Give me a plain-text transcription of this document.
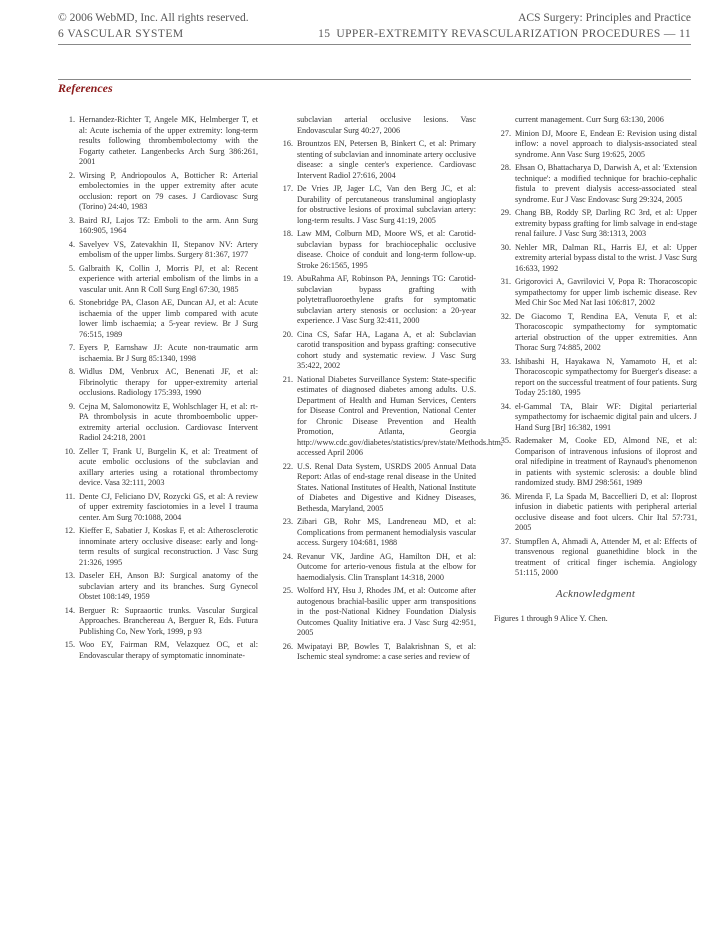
© 2006 WebMD, Inc. All rights reserved.	ACS Surgery: Principles and Practice
6 VASCULAR SYSTEM	15 UPPER-EXTREMITY REVASCULARIZATION PROCEDURES — 11
References
1. Hernandez-Richter T, Angele MK, Helmberger T, et al: Acute ischemia of the upper extremity: long-term results following thrombembolectomy with the Fogarty catheter. Langenbecks Arch Surg 386:261, 2001
2. Wirsing P, Andriopoulos A, Botticher R: Arterial embolectomies in the upper extremity after acute occlusion: report on 79 cases. J Cardiovasc Surg (Torino) 24:40, 1983
3. Baird RJ, Lajos TZ: Emboli to the arm. Ann Surg 160:905, 1964
4. Savelyev VS, Zatevakhin II, Stepanov NV: Artery embolism of the upper limbs. Surgery 81:367, 1977
5. Galbraith K, Collin J, Morris PJ, et al: Recent experience with arterial embolism of the limbs in a vascular unit. Ann R Coll Surg Engl 67:30, 1985
6. Stonebridge PA, Clason AE, Duncan AJ, et al: Acute ischaemia of the upper limb compared with acute lower limb ischaemia; a 5-year review. Br J Surg 76:515, 1989
7. Eyers P, Earnshaw JJ: Acute non-traumatic arm ischaemia. Br J Surg 85:1340, 1998
8. Widlus DM, Venbrux AC, Benenati JF, et al: Fibrinolytic therapy for upper-extremity arterial occlusions. Radiology 175:393, 1990
9. Cejna M, Salomonowitz E, Wohlschlager H, et al: rt-PA thrombolysis in acute thromboembolic upper-extremity arterial occlusion. Cardiovasc Intervent Radiol 24:218, 2001
10. Zeller T, Frank U, Burgelin K, et al: Treatment of acute embolic occlusions of the subclavian and axillary arteries using a rotational thrombectomy device. Vasa 32:111, 2003
11. Dente CJ, Feliciano DV, Rozycki GS, et al: A review of upper extremity fasciotomies in a level I trauma center. Am Surg 70:1088, 2004
12. Kieffer E, Sabatier J, Koskas F, et al: Atherosclerotic innominate artery occlusive disease: early and long-term results of surgical reconstruction. J Vasc Surg 21:326, 1995
13. Daseler EH, Anson BJ: Surgical anatomy of the subclavian artery and its branches. Surg Gynecol Obstet 108:149, 1959
14. Berguer R: Supraaortic trunks. Vascular Surgical Approaches. Branchereau A, Berguer R, Eds. Futura Publishing Co, New York, 1999, p 93
15. Woo EY, Fairman RM, Velazquez OC, et al: Endovascular therapy of symptomatic innominate-
subclavian arterial occlusive lesions. Vasc Endovascular Surg 40:27, 2006
16. Brountzos EN, Petersen B, Binkert C, et al: Primary stenting of subclavian and innominate artery occlusive disease: a single center's experience. Cardiovasc Intervent Radiol 27:616, 2004
17. De Vries JP, Jager LC, Van den Berg JC, et al: Durability of percutaneous transluminal angioplasty for obstructive lesions of proximal subclavian artery: long-term results. J Vasc Surg 41:19, 2005
18. Law MM, Colburn MD, Moore WS, et al: Carotid-subclavian bypass for brachiocephalic occlusive disease. Choice of conduit and long-term follow-up. Stroke 26:1565, 1995
19. AbuRahma AF, Robinson PA, Jennings TG: Carotid-subclavian bypass grafting with polytetrafluoroethylene grafts for symptomatic subclavian artery stenosis or occlusion: a 20-year experience. J Vasc Surg 32:411, 2000
20. Cina CS, Safar HA, Lagana A, et al: Subclavian carotid transposition and bypass grafting: consecutive cohort study and systematic review. J Vasc Surg 35:422, 2002
21. National Diabetes Surveillance System: State-specific estimates of diagnosed diabetes among adults. U.S. Department of Health and Human Services, Centers for Disease Control and Prevention, National Center for Chronic Disease Prevention and Health Promotion, Atlanta, Georgia http://www.cdc.gov/diabetes/statistics/prev/state/Methods.htm, accessed April 2006
22. U.S. Renal Data System, USRDS 2005 Annual Data Report: Atlas of end-stage renal disease in the United States. National Institutes of Health, National Institute of Diabetes and Digestive and Kidney Diseases, Bethesda, Maryland, 2005
23. Zibari GB, Rohr MS, Landreneau MD, et al: Complications from permanent hemodialysis vascular access. Surgery 104:681, 1988
24. Revanur VK, Jardine AG, Hamilton DH, et al: Outcome for arterio-venous fistula at the elbow for haemodialysis. Clin Transplant 14:318, 2000
25. Wolford HY, Hsu J, Rhodes JM, et al: Outcome after autogenous brachial-basilic upper arm transpositions in the post-National Kidney Foundation Dialysis Outcomes Quality Initiative era. J Vasc Surg 42:951, 2005
26. Mwipatayi BP, Bowles T, Balakrishnan S, et al: Ischemic steal syndrome: a case series and review of
current management. Curr Surg 63:130, 2006
27. Minion DJ, Moore E, Endean E: Revision using distal inflow: a novel approach to dialysis-associated steal syndrome. Ann Vasc Surg 19:625, 2005
28. Ehsan O, Bhattacharya D, Darwish A, et al: 'Extension technique': a modified technique for brachio-cephalic fistula to prevent dialysis access-associated steal syndrome. Eur J Vasc Endovasc Surg 29:324, 2005
29. Chang BB, Roddy SP, Darling RC 3rd, et al: Upper extremity bypass grafting for limb salvage in end-stage renal failure. J Vasc Surg 38:1313, 2003
30. Nehler MR, Dalman RL, Harris EJ, et al: Upper extremity arterial bypass distal to the wrist. J Vasc Surg 16:633, 1992
31. Grigorovici A, Gavrilovici V, Popa R: Thoracoscopic sympathectomy for upper limb ischemic disease. Rev Med Chir Soc Med Nat Iasi 106:817, 2002
32. De Giacomo T, Rendina EA, Venuta F, et al: Thoracoscopic sympathectomy for symptomatic arterial obstruction of the upper extremities. Ann Thorac Surg 74:885, 2002
33. Ishibashi H, Hayakawa N, Yamamoto H, et al: Thoracoscopic sympathectomy for Buerger's disease: a report on the successful treatment of four patients. Surg Today 25:180, 1995
34. el-Gammal TA, Blair WF: Digital periarterial sympathectomy for ischaemic digital pain and ulcers. J Hand Surg [Br] 16:382, 1991
35. Rademaker M, Cooke ED, Almond NE, et al: Comparison of intravenous infusions of iloprost and oral nifedipine in treatment of Raynaud's phenomenon in patients with systemic sclerosis: a double blind randomized study. BMJ 298:561, 1989
36. Mirenda F, La Spada M, Baccellieri D, et al: Iloprost infusion in diabetic patients with peripheral arterial occlusive disease and foot ulcers. Chir Ital 57:731, 2005
37. Stumpflen A, Ahmadi A, Attender M, et al: Effects of transvenous regional guanethidine block in the treatment of critical finger ischemia. Angiology 51:115, 2000
Acknowledgment
Figures 1 through 9 Alice Y. Chen.
